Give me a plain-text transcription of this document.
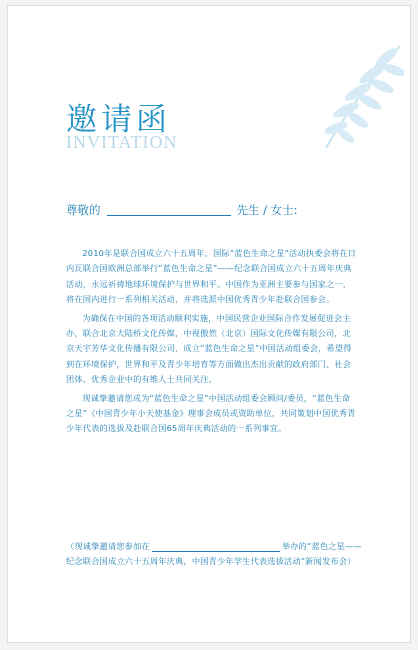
邀请函
INVITATION
尊敬的	先生 / 女士:

2010年是联合国成立六十五周年，国际“蓝色生命之星”活动执委会将在日内瓦联合国欧洲总部举行“蓝色生命之星”——纪念联合国成立六十五周年庆典活动，永远祈祷地球环境保护与世界和平。中国作为亚洲主要参与国家之一，将在国内进行一系列相关活动，并将选派中国优秀青少年赴联合国参会。

为确保在中国的各项活动顺利实施，中国民营企业国际合作发展促进会主办，联合北京大陆桥文化传媒，中视傲然（北京）国际文化传媒有限公司，北京天宇芳华文化传播有限公司，成立“蓝色生命之星”中国活动组委会，希望得到在环境保护，世界和平及青少年培育等方面做出杰出贡献的政府部门、社会团体、优秀企业中的有维人士共同关注。

现诚挚邀请您成为“蓝色生命之星”中国活动组委会顾问/委员，“蓝色生命之星”《中国青少年小天使基金》理事会成员或资助单位，共同策划中国优秀青少年代表的选拔及赴联合国65周年庆典活动的一系列事宜。

（现诚挚邀请您参加在	举办的“蓝色之星——纪念联合国成立六十五周年庆典，中国青少年学生代表选拔活动”新闻发布会）
